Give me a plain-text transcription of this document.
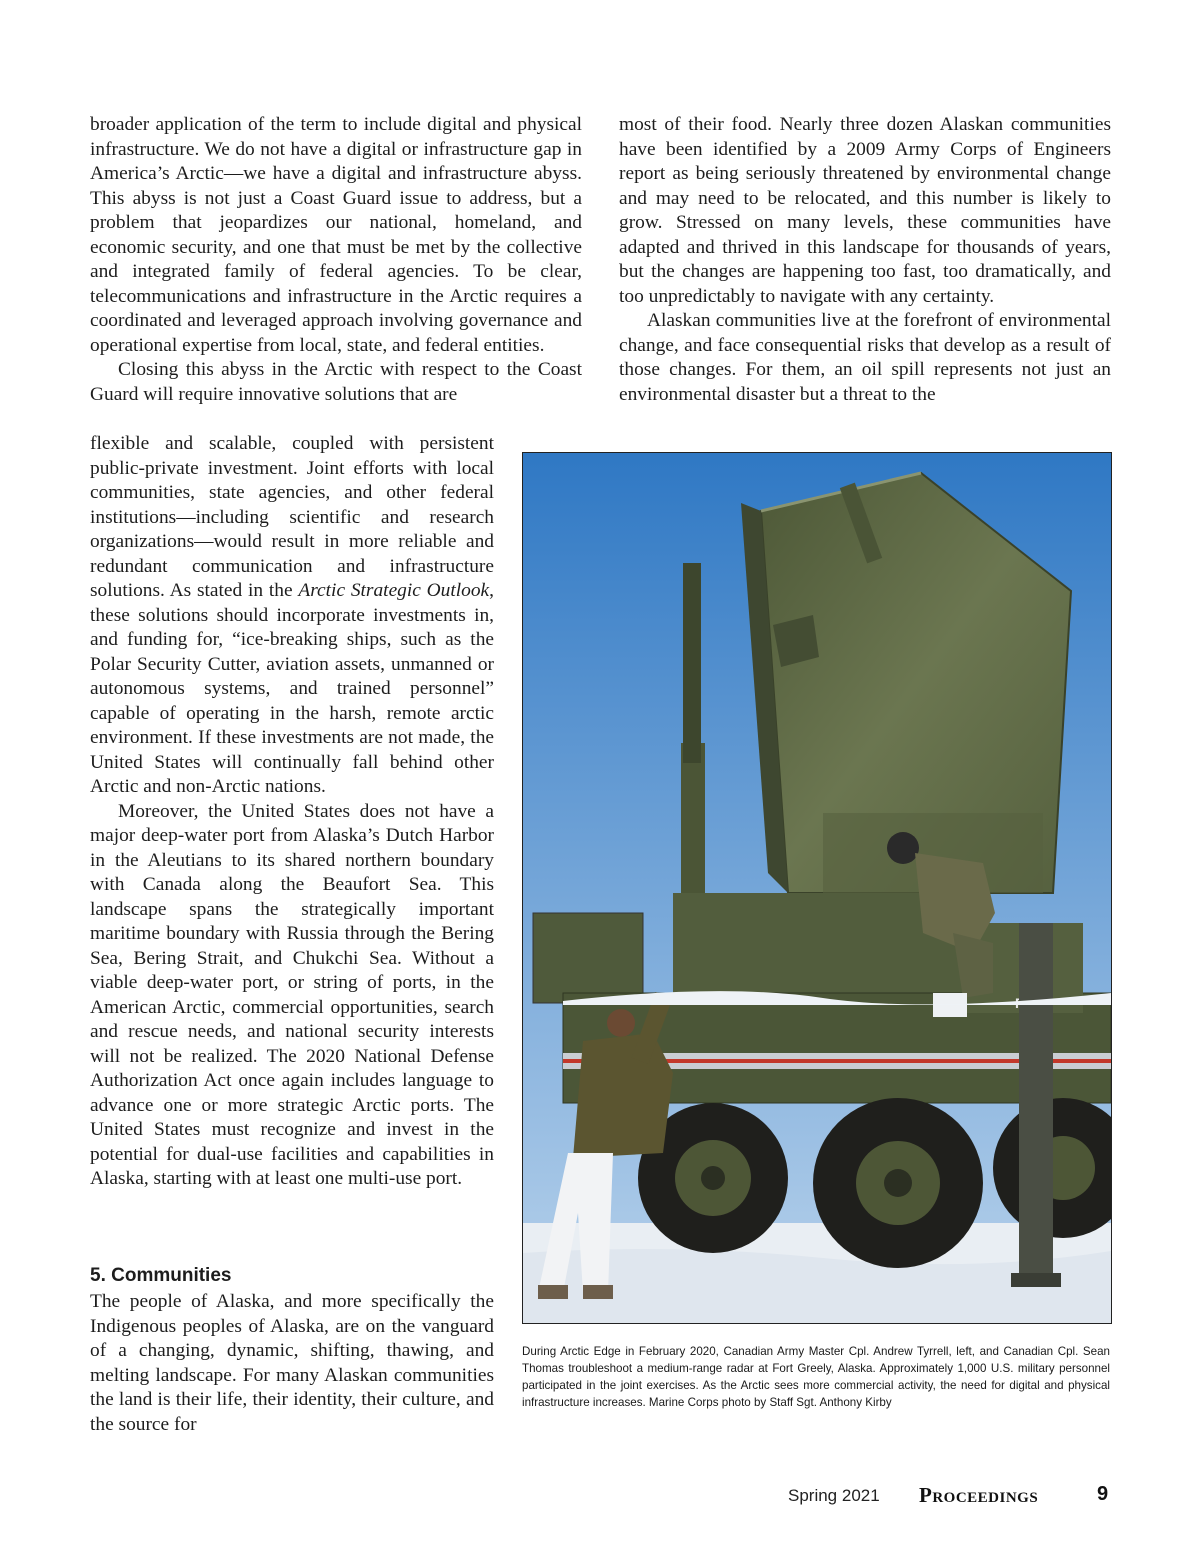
broader application of the term to include digital and physical infrastructure. We do not have a digital or infrastructure gap in America’s Arctic—we have a digital and infrastructure abyss. This abyss is not just a Coast Guard issue to address, but a problem that jeopardizes our national, homeland, and economic security, and one that must be met by the collective and integrated family of federal agencies. To be clear, telecommunications and infrastructure in the Arctic requires a coordinated and leveraged approach involving governance and operational expertise from local, state, and federal entities.

Closing this abyss in the Arctic with respect to the Coast Guard will require innovative solutions that are

flexible and scalable, coupled with persistent public-private investment. Joint efforts with local communities, state agencies, and other federal institutions—including scientific and research organizations—would result in more reliable and redundant communication and infrastructure solutions. As stated in the Arctic Strategic Outlook, these solutions should incorporate investments in, and funding for, “ice-breaking ships, such as the Polar Security Cutter, aviation assets, unmanned or autonomous systems, and trained personnel” capable of operating in the harsh, remote arctic environment. If these investments are not made, the United States will continually fall behind other Arctic and non-Arctic nations.

Moreover, the United States does not have a major deep-water port from Alaska’s Dutch Harbor in the Aleutians to its shared northern boundary with Canada along the Beaufort Sea. This landscape spans the strategically important maritime boundary with Russia through the Bering Sea, Bering Strait, and Chukchi Sea. Without a viable deep-water port, or string of ports, in the American Arctic, commercial opportunities, search and rescue needs, and national security interests will not be realized. The 2020 National Defense Authorization Act once again includes language to advance one or more strategic Arctic ports. The United States must recognize and invest in the potential for dual-use facilities and capabilities in Alaska, starting with at least one multi-use port.

5. Communities

The people of Alaska, and more specifically the Indigenous peoples of Alaska, are on the vanguard of a changing, dynamic, shifting, thawing, and melting landscape. For many Alaskan communities the land is their life, their identity, their culture, and the source for

most of their food. Nearly three dozen Alaskan communities have been identified by a 2009 Army Corps of Engineers report as being seriously threatened by environmental change and may need to be relocated, and this number is likely to grow. Stressed on many levels, these communities have adapted and thrived in this landscape for thousands of years, but the changes are happening too fast, too dramatically, and too unpredictably to navigate with any certainty.

Alaskan communities live at the forefront of environmental change, and face consequential risks that develop as a result of those changes. For them, an oil spill represents not just an environmental disaster but a threat to the

During Arctic Edge in February 2020, Canadian Army Master Cpl. Andrew Tyrrell, left, and Canadian Cpl. Sean Thomas troubleshoot a medium-range radar at Fort Greely, Alaska. Approximately 1,000 U.S. military personnel participated in the joint exercises. As the Arctic sees more commercial activity, the need for digital and physical infrastructure increases. Marine Corps photo by Staff Sgt. Anthony Kirby

Spring 2021 Proceedings	9
